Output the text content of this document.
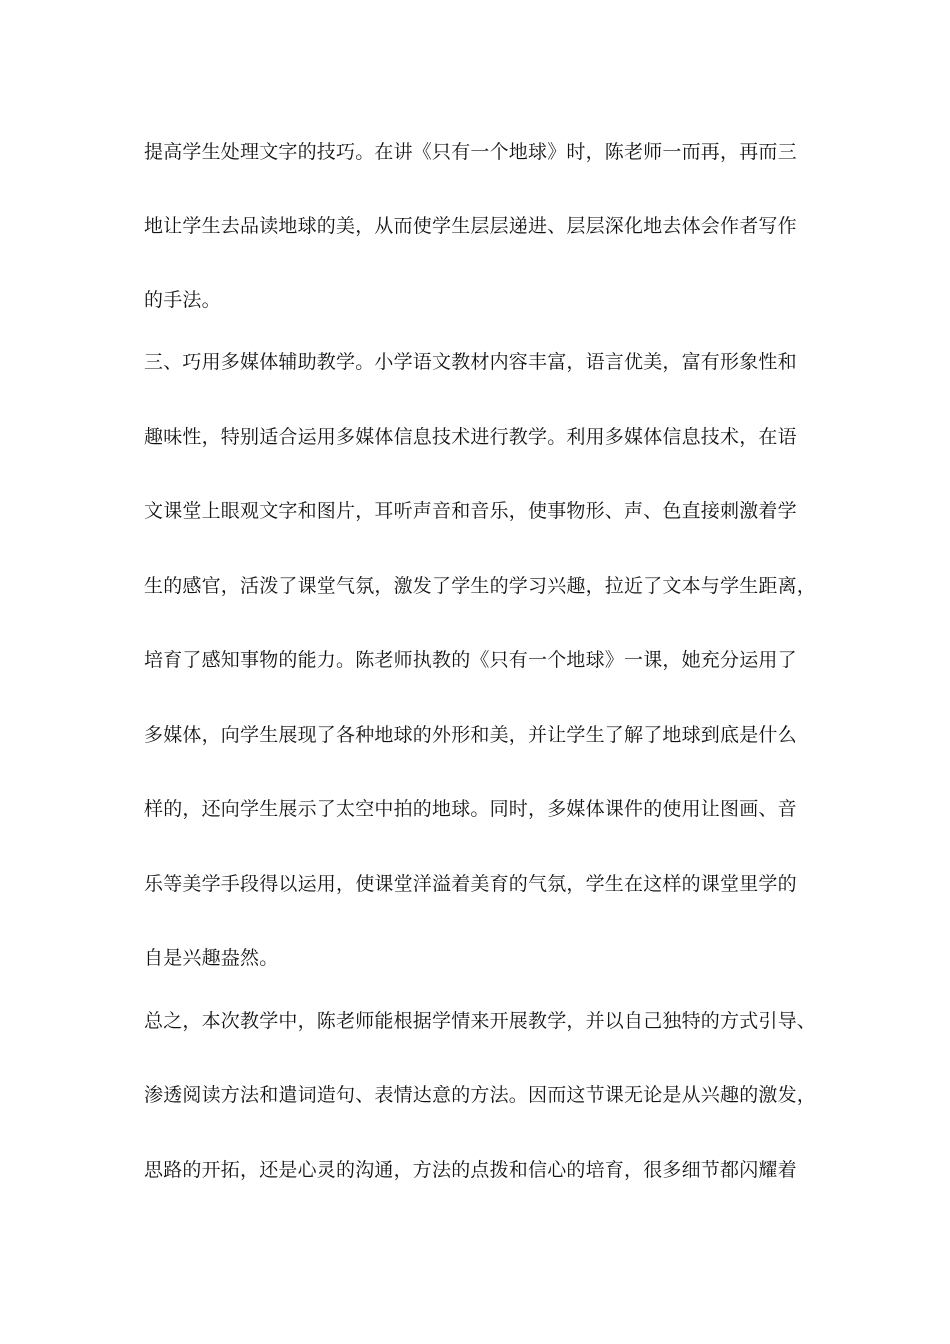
提高学生处理文字的技巧。在讲《只有一个地球》时，陈老师一而再，再而三
地让学生去品读地球的美，从而使学生层层递进、层层深化地去体会作者写作
的手法。
三、巧用多媒体辅助教学。小学语文教材内容丰富，语言优美，富有形象性和
趣味性，特别适合运用多媒体信息技术进行教学。利用多媒体信息技术，在语
文课堂上眼观文字和图片，耳听声音和音乐，使事物形、声、色直接刺激着学
生的感官，活泼了课堂气氛，激发了学生的学习兴趣，拉近了文本与学生距离，
培育了感知事物的能力。陈老师执教的《只有一个地球》一课，她充分运用了
多媒体，向学生展现了各种地球的外形和美，并让学生了解了地球到底是什么
样的，还向学生展示了太空中拍的地球。同时，多媒体课件的使用让图画、音
乐等美学手段得以运用，使课堂洋溢着美育的气氛，学生在这样的课堂里学的
自是兴趣盎然。
总之，本次教学中，陈老师能根据学情来开展教学，并以自己独特的方式引导、
渗透阅读方法和遣词造句、表情达意的方法。因而这节课无论是从兴趣的激发，
思路的开拓，还是心灵的沟通，方法的点拨和信心的培育，很多细节都闪耀着
